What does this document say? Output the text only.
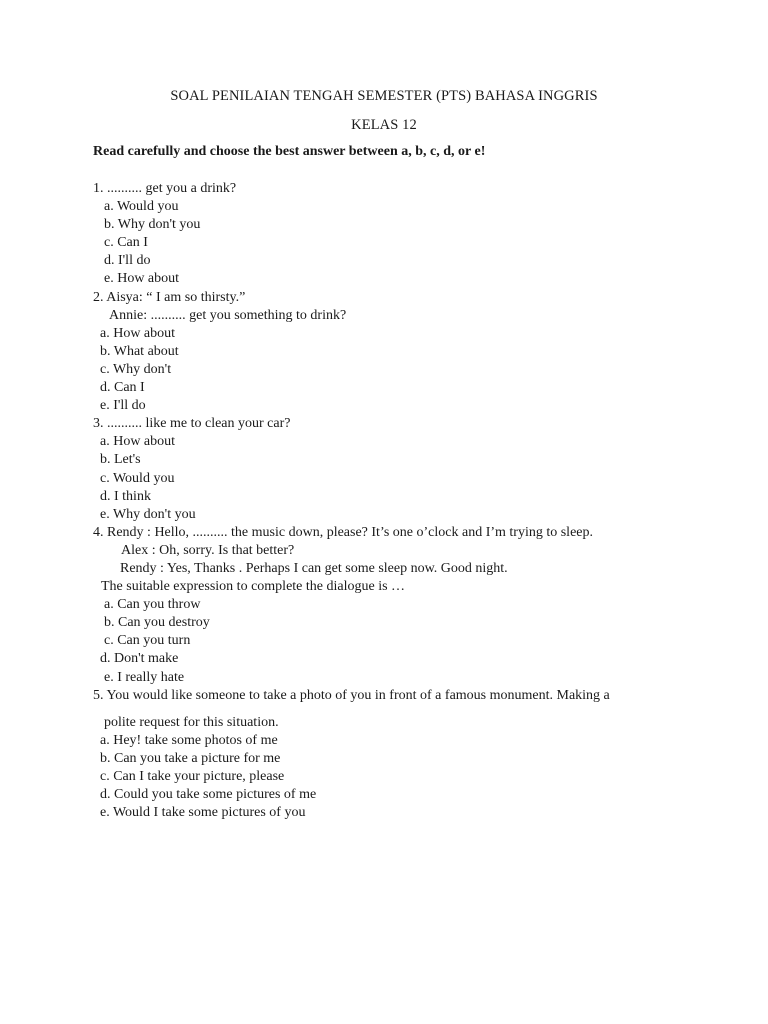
SOAL PENILAIAN TENGAH SEMESTER (PTS) BAHASA INGGRIS
KELAS 12
Read carefully and choose the best answer between a, b, c, d, or e!
1. .......... get you a drink?
a. Would you
b. Why don't you
c. Can I
d. I'll do
e. How about
2. Aisya: “ I am so thirsty.”
Annie: .......... get you something to drink?
a. How about
b. What about
c. Why don't
d. Can I
e. I'll do
3. .......... like me to clean your car?
a. How about
b. Let's
c. Would you
d. I think
e. Why don't you
4. Rendy : Hello, .......... the music down, please? It’s one o’clock and I’m trying to sleep.
Alex : Oh, sorry. Is that better?
Rendy : Yes, Thanks . Perhaps I can get some sleep now. Good night.
The suitable expression to complete the dialogue is …
a. Can you throw
b. Can you destroy
c. Can you turn
d. Don't make
e. I really hate
5. You would like someone to take a photo of you in front of a famous monument. Making a
polite request for this situation.
a. Hey! take some photos of me
b. Can you take a picture for me
c. Can I take your picture, please
d. Could you take some pictures of me
e. Would I take some pictures of you
